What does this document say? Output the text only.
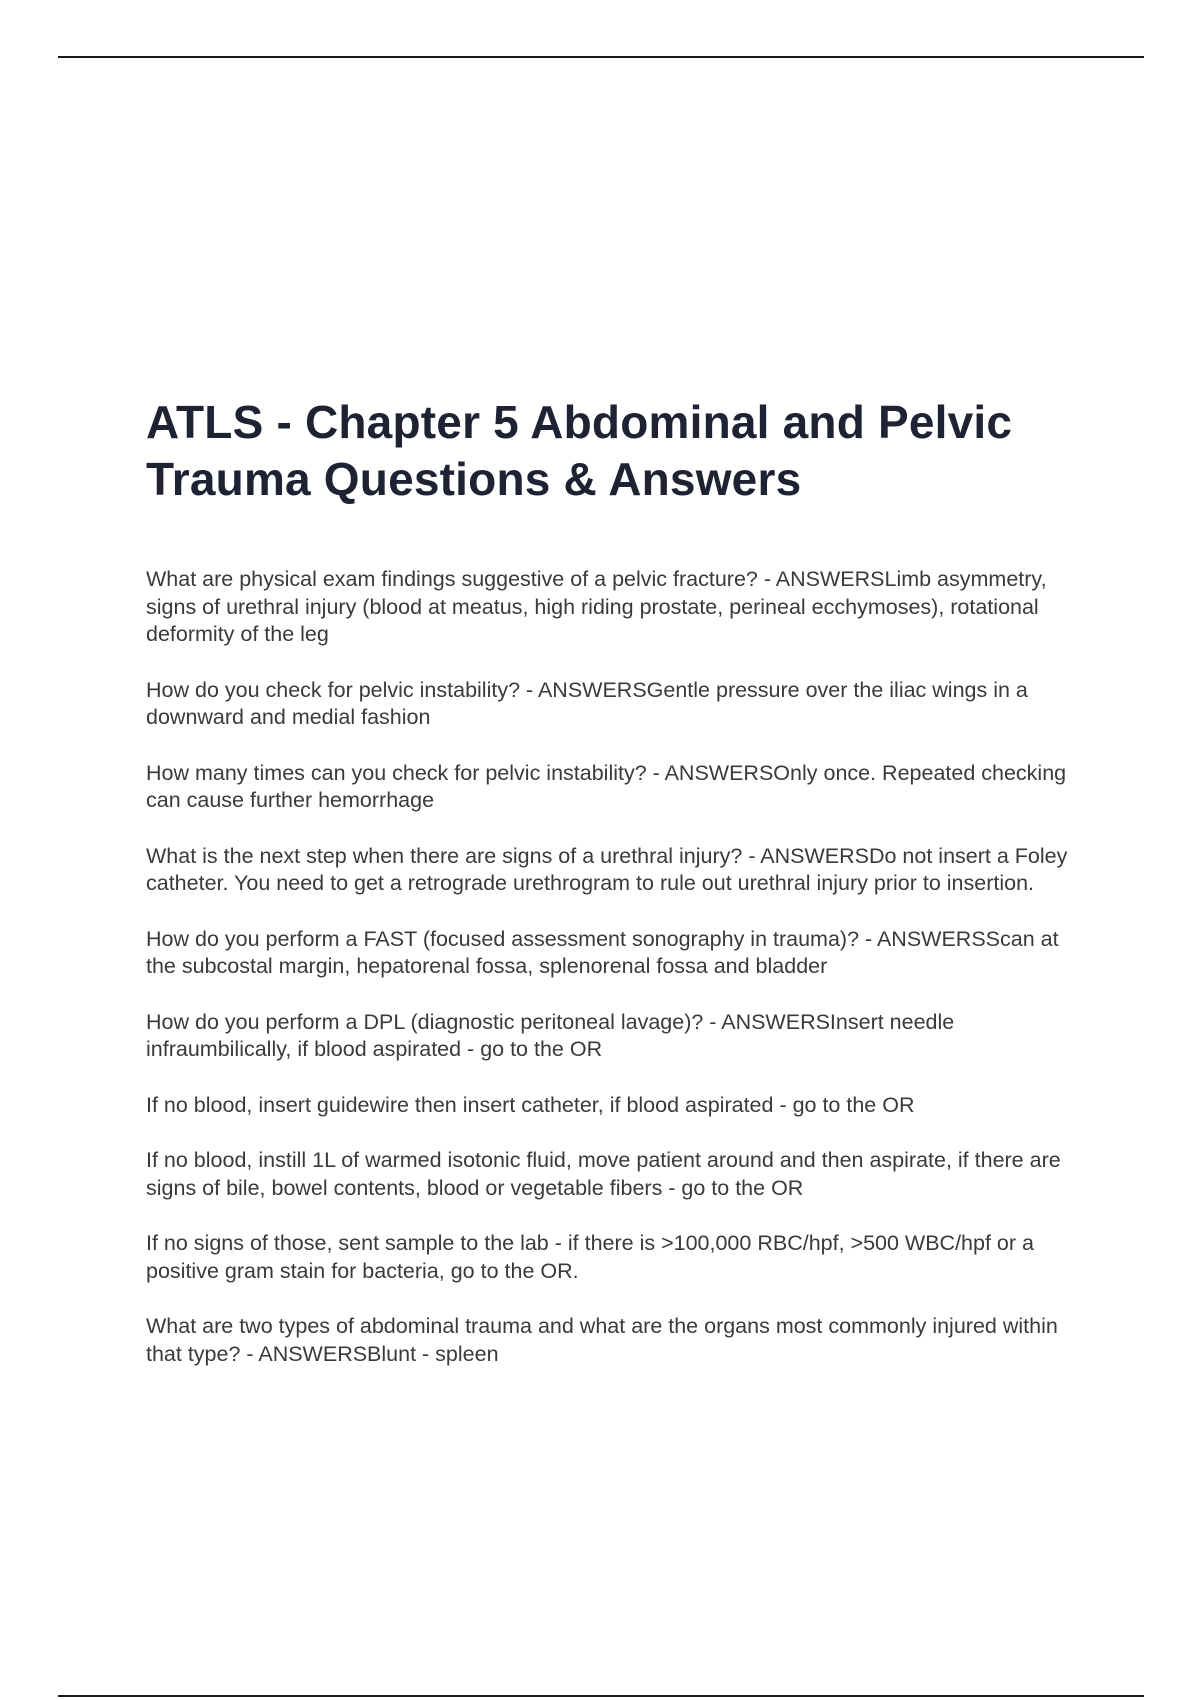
ATLS - Chapter 5 Abdominal and Pelvic Trauma Questions & Answers

What are physical exam findings suggestive of a pelvic fracture? - ANSWERSLimb asymmetry, signs of urethral injury (blood at meatus, high riding prostate, perineal ecchymoses), rotational deformity of the leg

How do you check for pelvic instability? - ANSWERSGentle pressure over the iliac wings in a downward and medial fashion

How many times can you check for pelvic instability? - ANSWERSOnly once. Repeated checking can cause further hemorrhage

What is the next step when there are signs of a urethral injury? - ANSWERSDo not insert a Foley catheter. You need to get a retrograde urethrogram to rule out urethral injury prior to insertion.

How do you perform a FAST (focused assessment sonography in trauma)? - ANSWERSScan at the subcostal margin, hepatorenal fossa, splenorenal fossa and bladder

How do you perform a DPL (diagnostic peritoneal lavage)? - ANSWERSInsert needle infraumbilically, if blood aspirated - go to the OR

If no blood, insert guidewire then insert catheter, if blood aspirated - go to the OR

If no blood, instill 1L of warmed isotonic fluid, move patient around and then aspirate, if there are signs of bile, bowel contents, blood or vegetable fibers - go to the OR

If no signs of those, sent sample to the lab - if there is >100,000 RBC/hpf, >500 WBC/hpf or a positive gram stain for bacteria, go to the OR.

What are two types of abdominal trauma and what are the organs most commonly injured within that type? - ANSWERSBlunt - spleen
